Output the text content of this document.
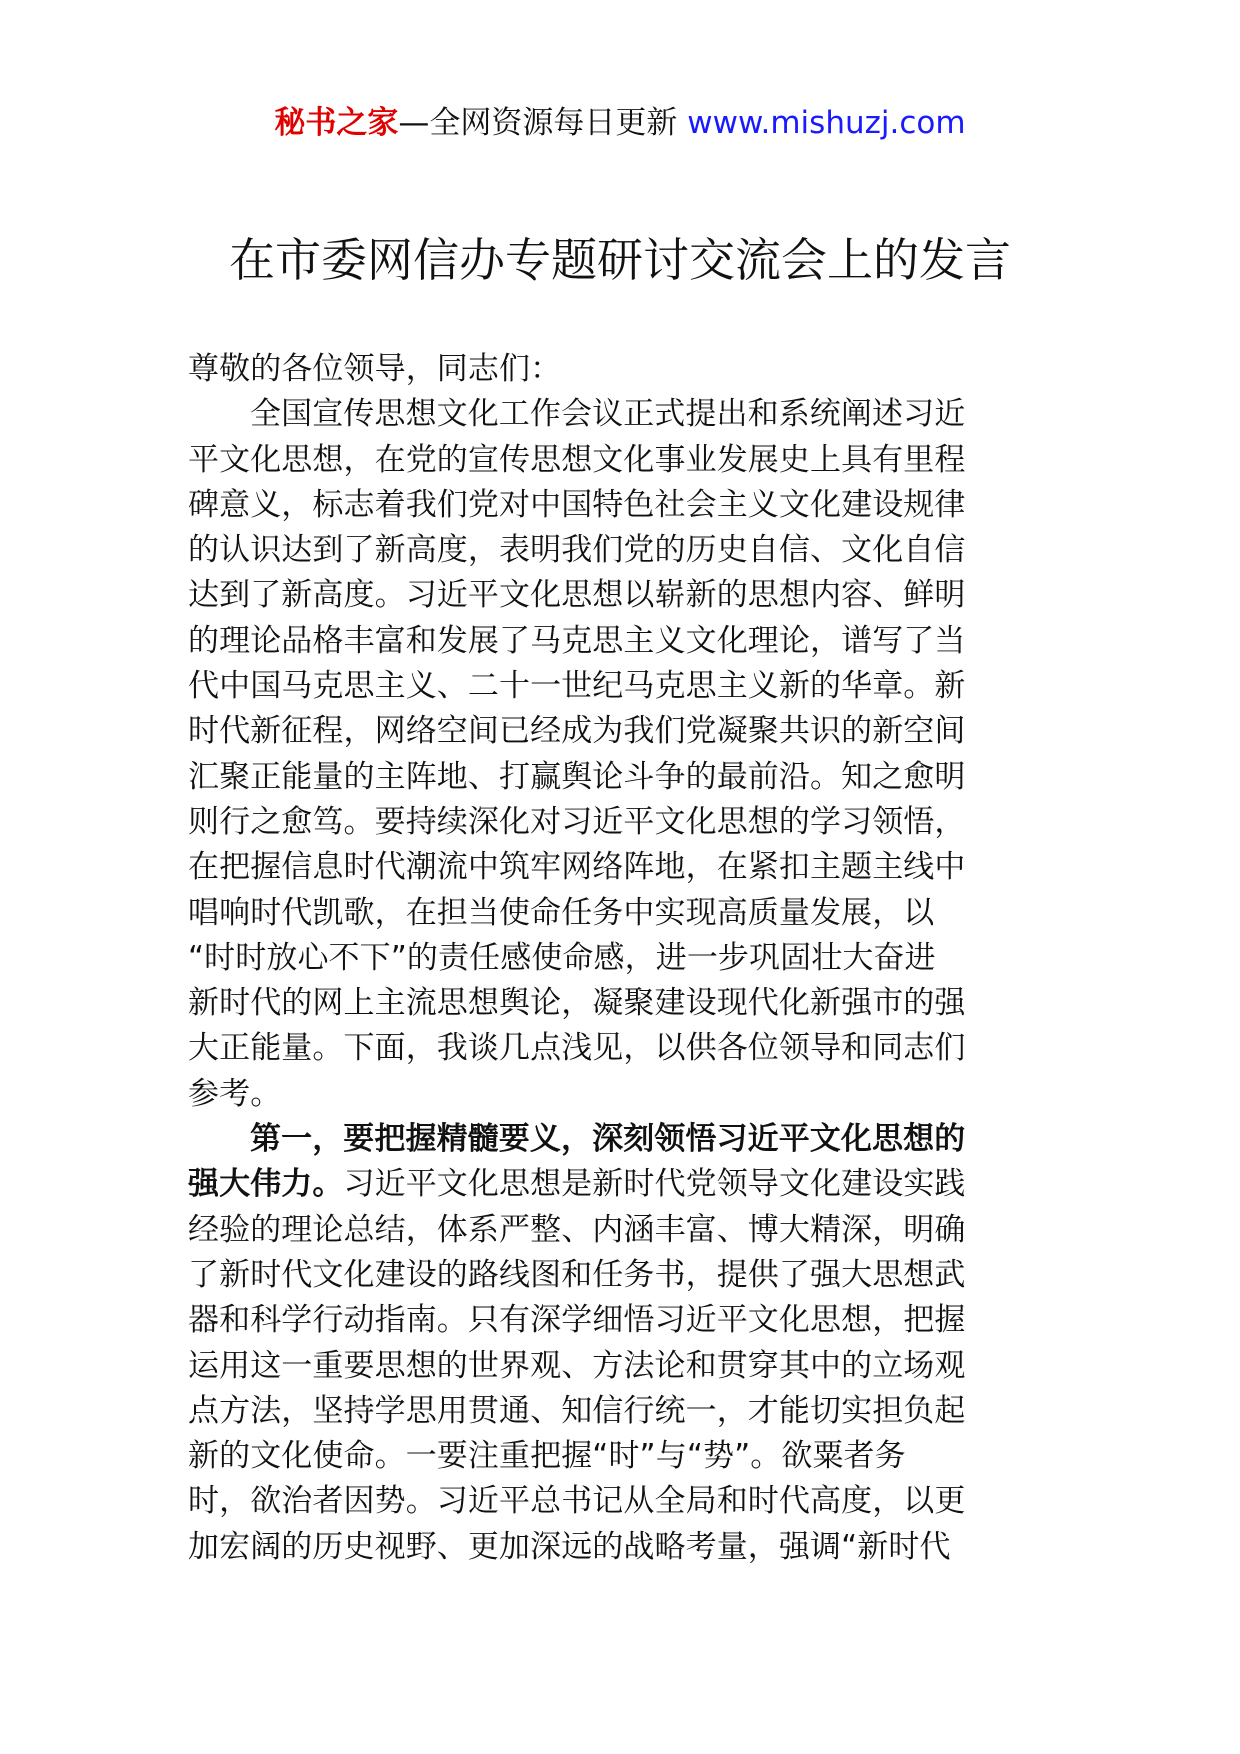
秘书之家—全网资源每日更新 www.mishuzj.com
在市委网信办专题研讨交流会上的发言

尊敬的各位领导，同志们：

全国宣传思想文化工作会议正式提出和系统阐述习近
平文化思想，在党的宣传思想文化事业发展史上具有里程
碑意义，标志着我们党对中国特色社会主义文化建设规律
的认识达到了新高度，表明我们党的历史自信、文化自信
达到了新高度。习近平文化思想以崭新的思想内容、鲜明
的理论品格丰富和发展了马克思主义文化理论，谱写了当
代中国马克思主义、二十一世纪马克思主义新的华章。新
时代新征程，网络空间已经成为我们党凝聚共识的新空间
汇聚正能量的主阵地、打赢舆论斗争的最前沿。知之愈明
则行之愈笃。要持续深化对习近平文化思想的学习领悟，
在把握信息时代潮流中筑牢网络阵地，在紧扣主题主线中
唱响时代凯歌，在担当使命任务中实现高质量发展，以
“时时放心不下”的责任感使命感，进一步巩固壮大奋进
新时代的网上主流思想舆论，凝聚建设现代化新强市的强
大正能量。下面，我谈几点浅见，以供各位领导和同志们
参考。

第一，要把握精髓要义，深刻领悟习近平文化思想的
强大伟力。习近平文化思想是新时代党领导文化建设实践
经验的理论总结，体系严整、内涵丰富、博大精深，明确
了新时代文化建设的路线图和任务书，提供了强大思想武
器和科学行动指南。只有深学细悟习近平文化思想，把握
运用这一重要思想的世界观、方法论和贯穿其中的立场观
点方法，坚持学思用贯通、知信行统一，才能切实担负起
新的文化使命。一要注重把握“时”与“势”。欲粟者务
时，欲治者因势。习近平总书记从全局和时代高度，以更
加宏阔的历史视野、更加深远的战略考量，强调“新时代
